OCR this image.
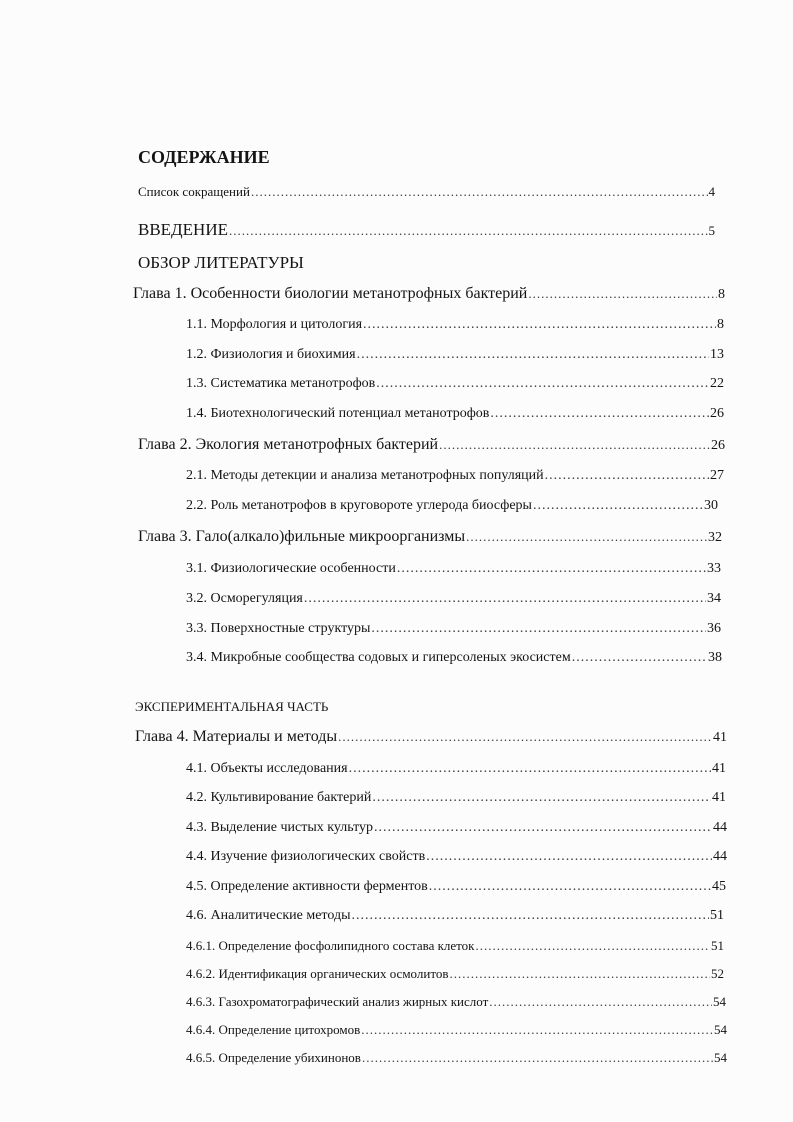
СОДЕРЖАНИЕ
Список сокращений .....	4
ВВЕДЕНИЕ .....	5
ОБЗОР ЛИТЕРАТУРЫ
Глава 1. Особенности биологии метанотрофных бактерий .....	8
1.1. Морфология и цитология .....	8
1.2. Физиология и биохимия .....	13
1.3. Систематика метанотрофов .....	22
1.4. Биотехнологический потенциал метанотрофов .....	26
Глава 2. Экология метанотрофных бактерий .....	26
2.1. Методы детекции и анализа метанотрофных популяций .....	27
2.2. Роль метанотрофов в круговороте углерода биосферы .....	30
Глава 3. Гало(алкало)фильные микроорганизмы .....	32
3.1. Физиологические особенности .....	33
3.2. Осморегуляция .....	34
3.3. Поверхностные структуры .....	36
3.4. Микробные сообщества содовых и гиперсоленых экосистем .....	38
ЭКСПЕРИМЕНТАЛЬНАЯ ЧАСТЬ
Глава 4. Материалы и методы .....	41
4.1. Объекты исследования .....	41
4.2. Культивирование бактерий .....	41
4.3. Выделение чистых культур .....	44
4.4. Изучение физиологических свойств .....	44
4.5. Определение активности ферментов .....	45
4.6. Аналитические методы .....	51
4.6.1. Определение фосфолипидного состава клеток .....	51
4.6.2. Идентификация органических осмолитов .....	52
4.6.3. Газохроматографический анализ жирных кислот .....	54
4.6.4. Определение цитохромов .....	54
4.6.5. Определение убихинонов .....	54
